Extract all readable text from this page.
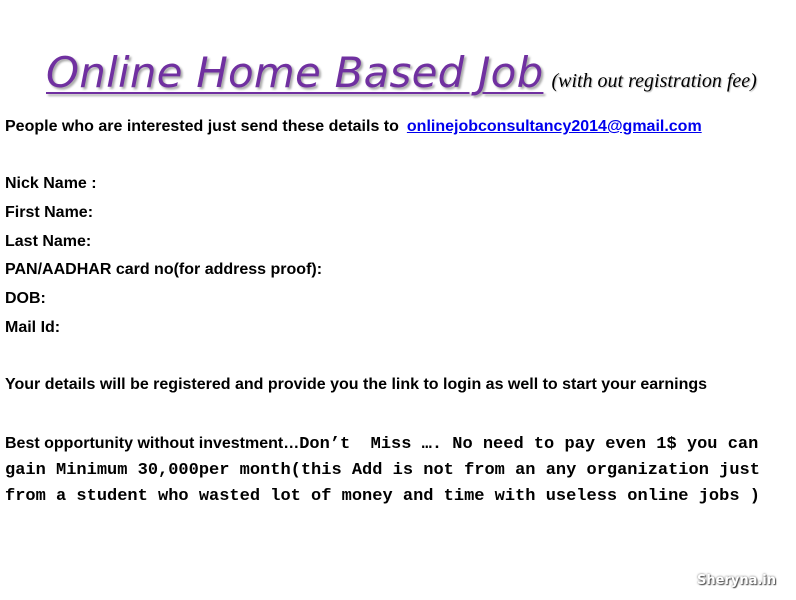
Online Home Based Job (with out registration fee)
People who are interested just send these details to onlinejobconsultancy2014@gmail.com
Nick Name :
First Name:
Last Name:
PAN/AADHAR card no(for address proof):
DOB:
Mail Id:
Your details will be registered and provide you the link to login as well to start your earnings
Best opportunity without investment…Don’t  Miss …. No need to pay even 1$ you can gain Minimum 30,000per month(this Add is not from an any organization just from a student who wasted lot of money and time with useless online jobs )
Sheryna.in
